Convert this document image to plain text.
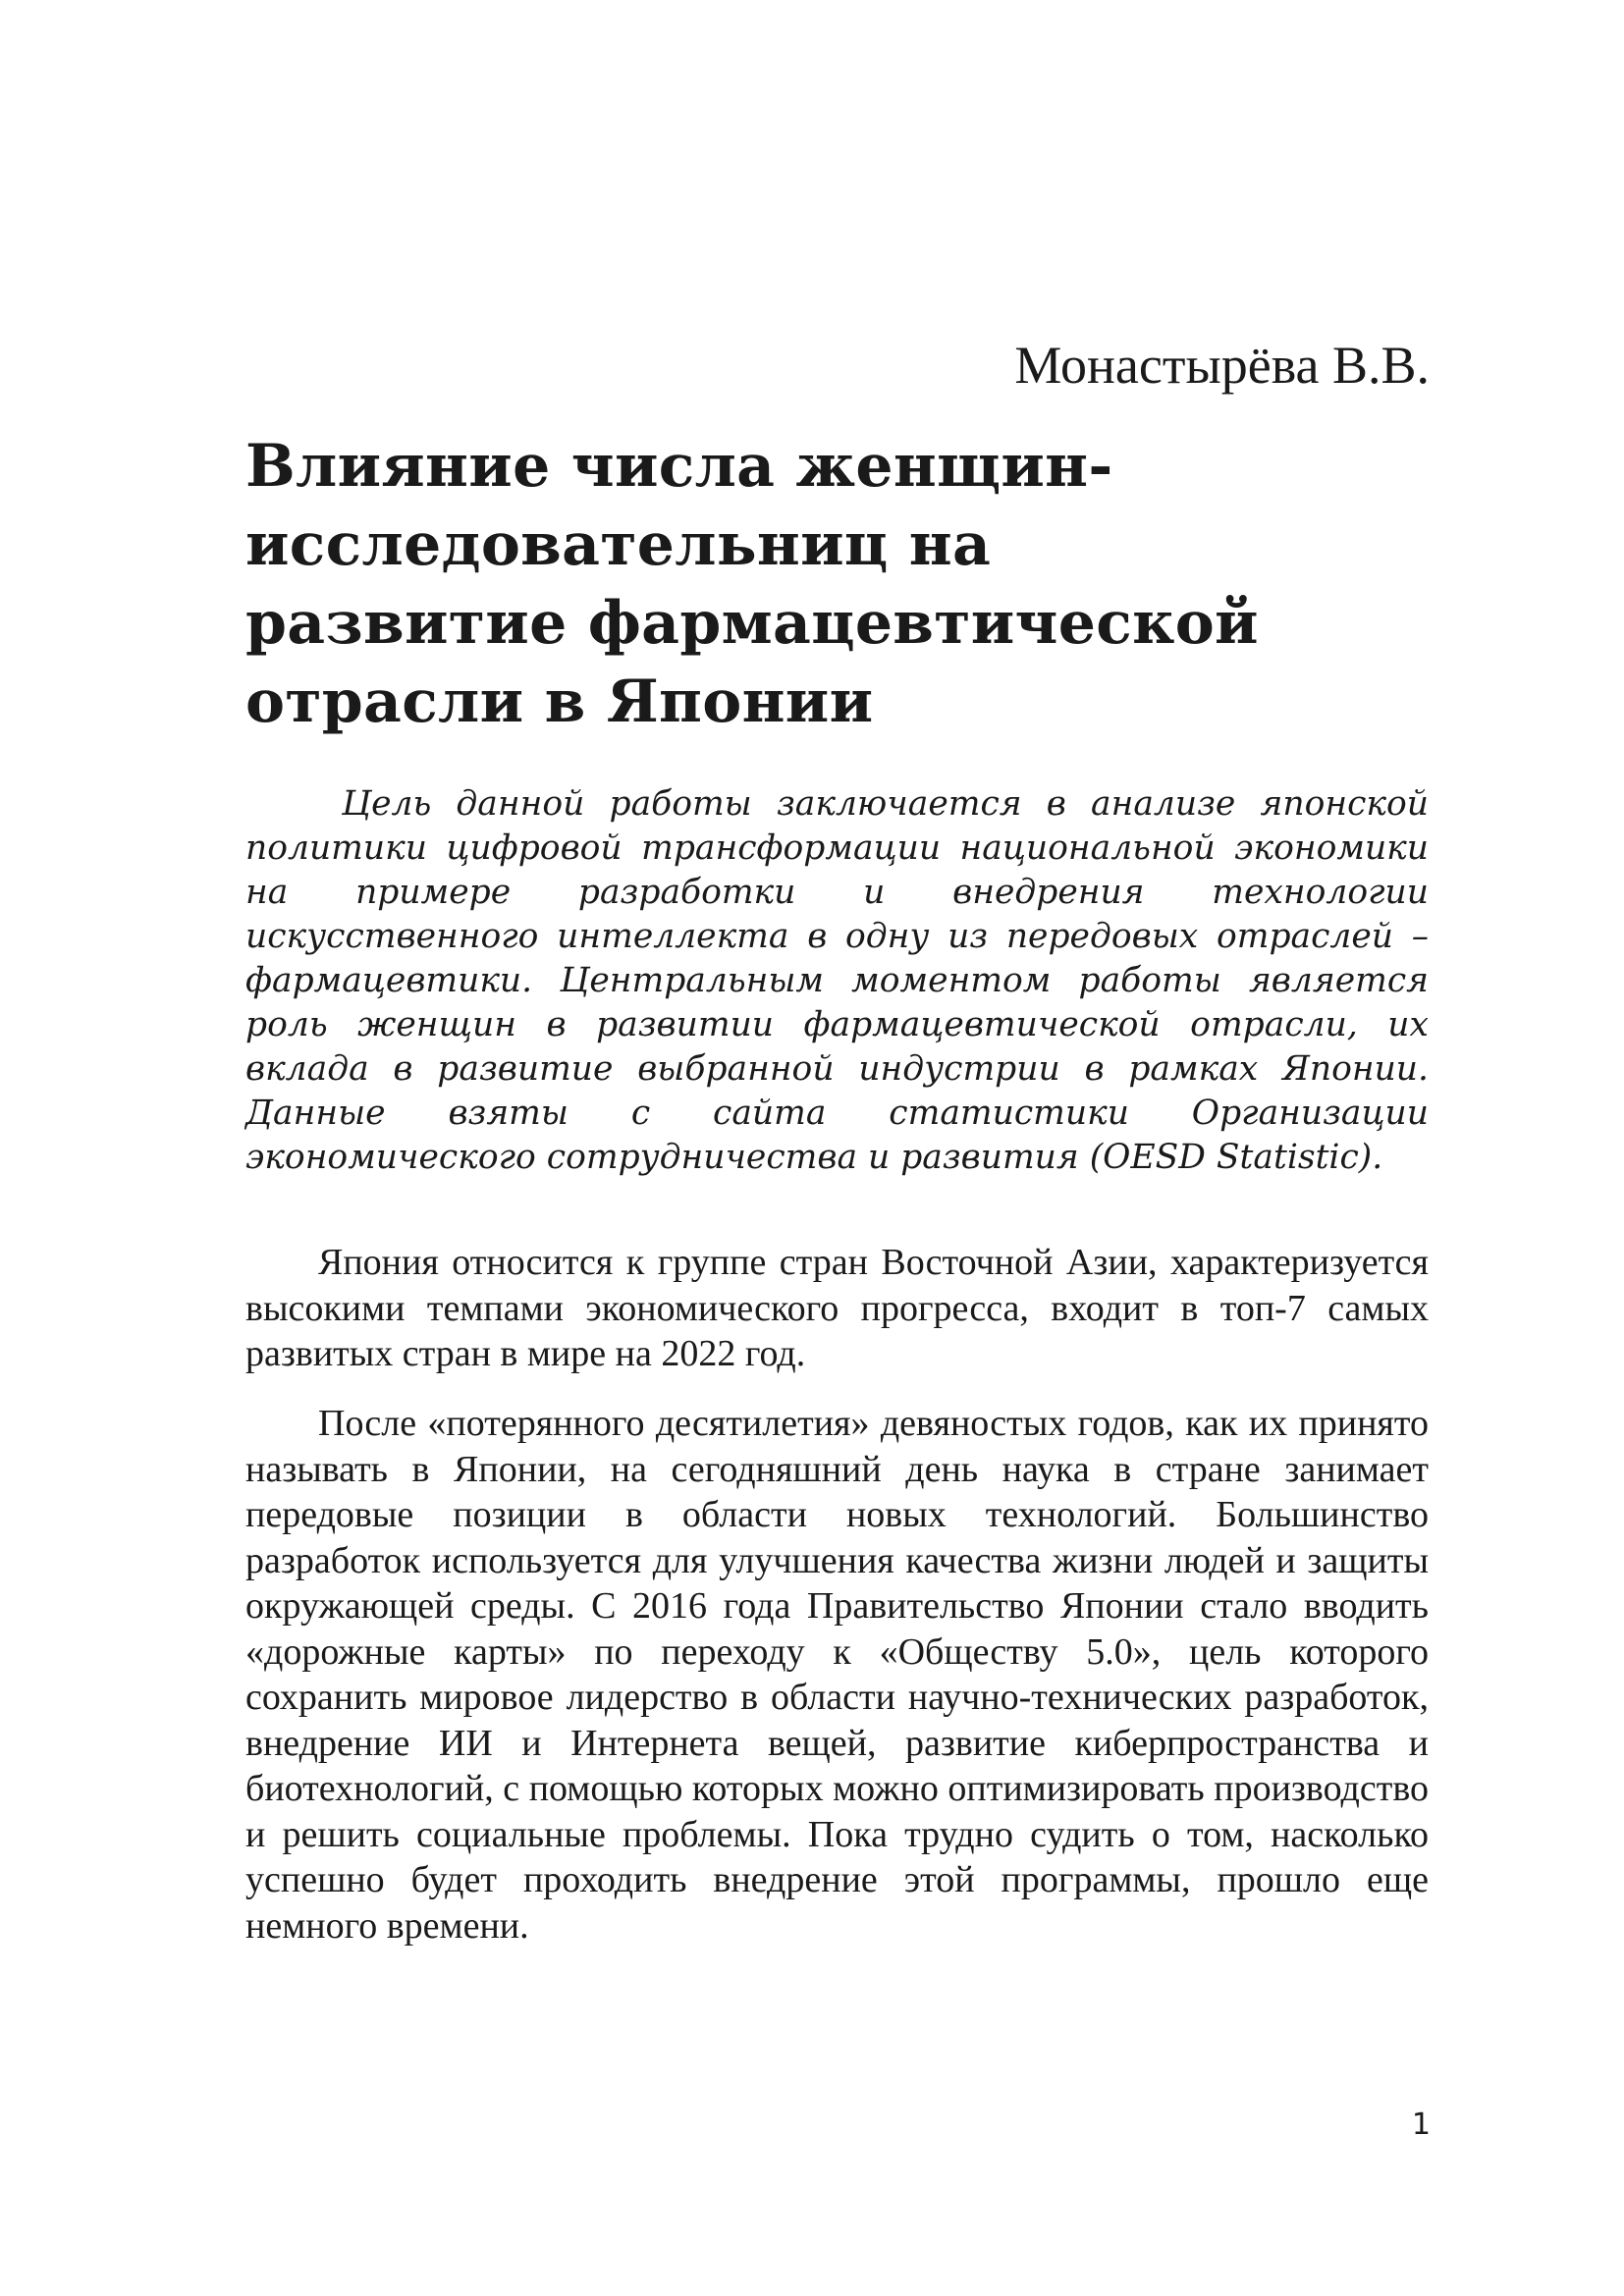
Монастырёва В.В.

Влияние числа женщин-исследовательниц на развитие фармацевтической отрасли в Японии

Цель данной работы заключается в анализе японской политики цифровой трансформации национальной экономики на примере разработки и внедрения технологии искусственного интеллекта в одну из передовых отраслей – фармацевтики. Центральным моментом работы является роль женщин в развитии фармацевтической отрасли, их вклада в развитие выбранной индустрии в рамках Японии. Данные взяты с сайта статистики Организации экономического сотрудничества и развития (OESD Statistic).

Япония относится к группе стран Восточной Азии, характеризуется высокими темпами экономического прогресса, входит в топ-7 самых развитых стран в мире на 2022 год.

После «потерянного десятилетия» девяностых годов, как их принято называть в Японии, на сегодняшний день наука в стране занимает передовые позиции в области новых технологий. Большинство разработок используется для улучшения качества жизни людей и защиты окружающей среды. С 2016 года Правительство Японии стало вводить «дорожные карты» по переходу к «Обществу 5.0», цель которого сохранить мировое лидерство в области научно-технических разработок, внедрение ИИ и Интернета вещей, развитие киберпространства и биотехнологий, с помощью которых можно оптимизировать производство и решить социальные проблемы. Пока трудно судить о том, насколько успешно будет проходить внедрение этой программы, прошло еще немного времени.

1
